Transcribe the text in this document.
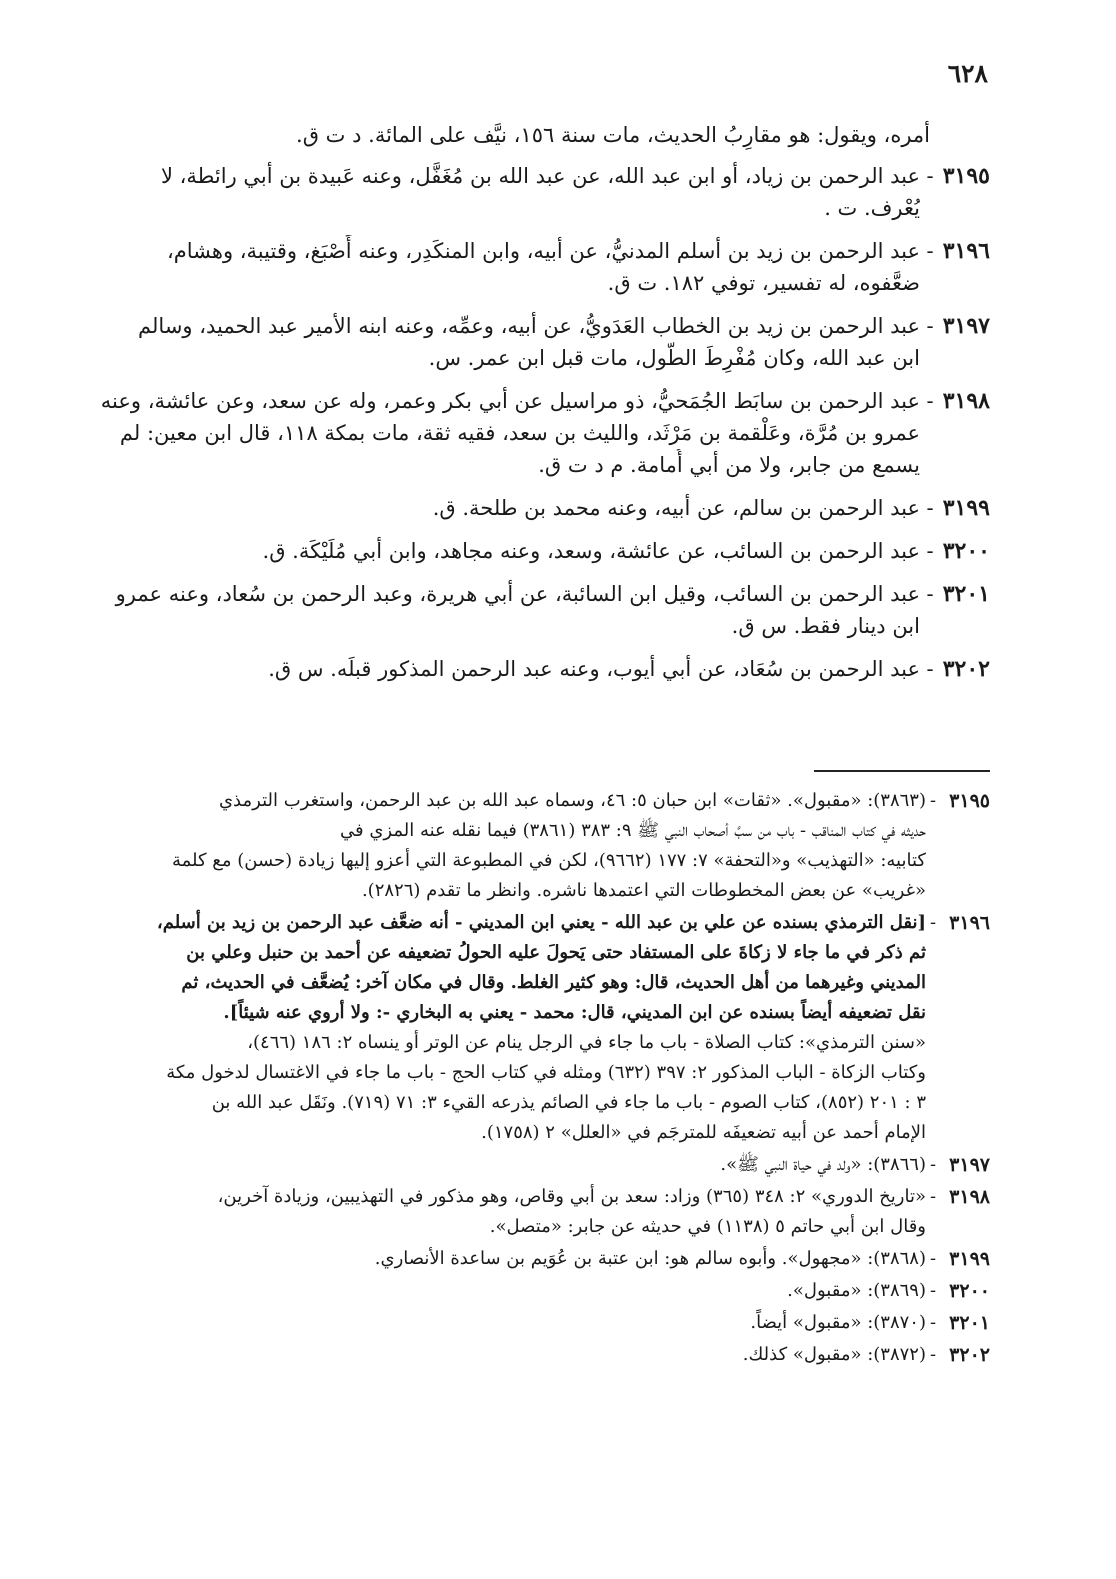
٦٢٨

أمره، ويقول: هو مقارِبُ الحديث، مات سنة ١٥٦، نيَّف على المائة. د ت ق.

٣١٩٥
-
عبد الرحمن بن زياد، أو ابن عبد الله، عن عبد الله بن مُغَفَّل، وعنه عَبيدة بن أبي رائطة، لا
يُعْرف. ت .
٣١٩٦
-
عبد الرحمن بن زيد بن أسلم المدنيُّ، عن أبيه، وابن المنكَدِر، وعنه أَصْبَغ، وقتيبة، وهشام،
ضعَّفوه، له تفسير، توفي ١٨٢. ت ق.
٣١٩٧
-
عبد الرحمن بن زيد بن الخطاب العَدَويُّ، عن أبيه، وعمِّه، وعنه ابنه الأمير عبد الحميد، وسالم
ابن عبد الله، وكان مُفْرِطَ الطُّول، مات قبل ابن عمر. س.
٣١٩٨
-
عبد الرحمن بن سابَط الجُمَحيُّ، ذو مراسيل عن أبي بكر وعمر، وله عن سعد، وعن عائشة، وعنه
عمرو بن مُرَّة، وعَلْقمة بن مَرْثَد، والليث بن سعد، فقيه ثقة، مات بمكة ١١٨، قال ابن معين: لم
يسمع من جابر، ولا من أبي أُمامة. م د ت ق.
٣١٩٩
-
عبد الرحمن بن سالم، عن أبيه، وعنه محمد بن طلحة. ق.
٣٢٠٠
-
عبد الرحمن بن السائب، عن عائشة، وسعد، وعنه مجاهد، وابن أبي مُلَيْكَة. ق.
٣٢٠١
-
عبد الرحمن بن السائب، وقيل ابن السائبة، عن أبي هريرة، وعبد الرحمن بن سُعاد، وعنه عمرو
ابن دينار فقط. س ق.
٣٢٠٢
-
عبد الرحمن بن سُعَاد، عن أبي أيوب، وعنه عبد الرحمن المذكور قبلَه. س ق.
٣١٩٥
-
(٣٨٦٣): «مقبول». «ثقات» ابن حبان ٥: ٤٦، وسماه عبد الله بن عبد الرحمن، واستغرب الترمذي
حديثه في كتاب المناقب - باب من سبَّ أصحاب النبي ﷺ ٩: ٣٨٣ (٣٨٦١) فيما نقله عنه المزي في
كتابيه: «التهذيب» و«التحفة» ٧: ١٧٧ (٩٦٦٢)، لكن في المطبوعة التي أعزو إليها زيادة (حسن) مع كلمة
«غريب» عن بعض المخطوطات التي اعتمدها ناشره. وانظر ما تقدم (٢٨٢٦).
٣١٩٦
-
[نقل الترمذي بسنده عن علي بن عبد الله - يعني ابن المديني - أنه ضعَّف عبد الرحمن بن زيد بن أسلم،
ثم ذكر في ما جاء لا زكاةَ على المستفاد حتى يَحولَ عليه الحولُ تضعيفه عن أحمد بن حنبل وعلي بن
المديني وغيرهما من أهل الحديث، قال: وهو كثير الغلط. وقال في مكان آخر: يُضعَّف في الحديث، ثم
نقل تضعيفه أيضاً بسنده عن ابن المديني، قال: محمد - يعني به البخاري -: ولا أروي عنه شيئاً].
«سنن الترمذي»: كتاب الصلاة - باب ما جاء في الرجل ينام عن الوتر أو ينساه ٢: ١٨٦ (٤٦٦)،
وكتاب الزكاة - الباب المذكور ٢: ٣٩٧ (٦٣٢) ومثله في كتاب الحج - باب ما جاء في الاغتسال لدخول مكة
٣ : ٢٠١ (٨٥٢)، كتاب الصوم - باب ما جاء في الصائم يذرعه القيء ٣: ٧١ (٧١٩). ونَقَل عبد الله بن
الإمام أحمد عن أبيه تضعيفَه للمترجَم في «العلل» ٢ (١٧٥٨).
٣١٩٧
-
(٣٨٦٦): «ولد في حياة النبي ﷺ».
٣١٩٨
-
«تاريخ الدوري» ٢: ٣٤٨ (٣٦٥) وزاد: سعد بن أبي وقاص، وهو مذكور في التهذيبين، وزيادة آخرين،
وقال ابن أبي حاتم ٥ (١١٣٨) في حديثه عن جابر: «متصل».
٣١٩٩
-
(٣٨٦٨): «مجهول». وأبوه سالم هو: ابن عتبة بن عُوَيم بن ساعدة الأنصاري.
٣٢٠٠
-
(٣٨٦٩): «مقبول».
٣٢٠١
-
(٣٨٧٠): «مقبول» أيضاً.
٣٢٠٢
-
(٣٨٧٢): «مقبول» كذلك.
